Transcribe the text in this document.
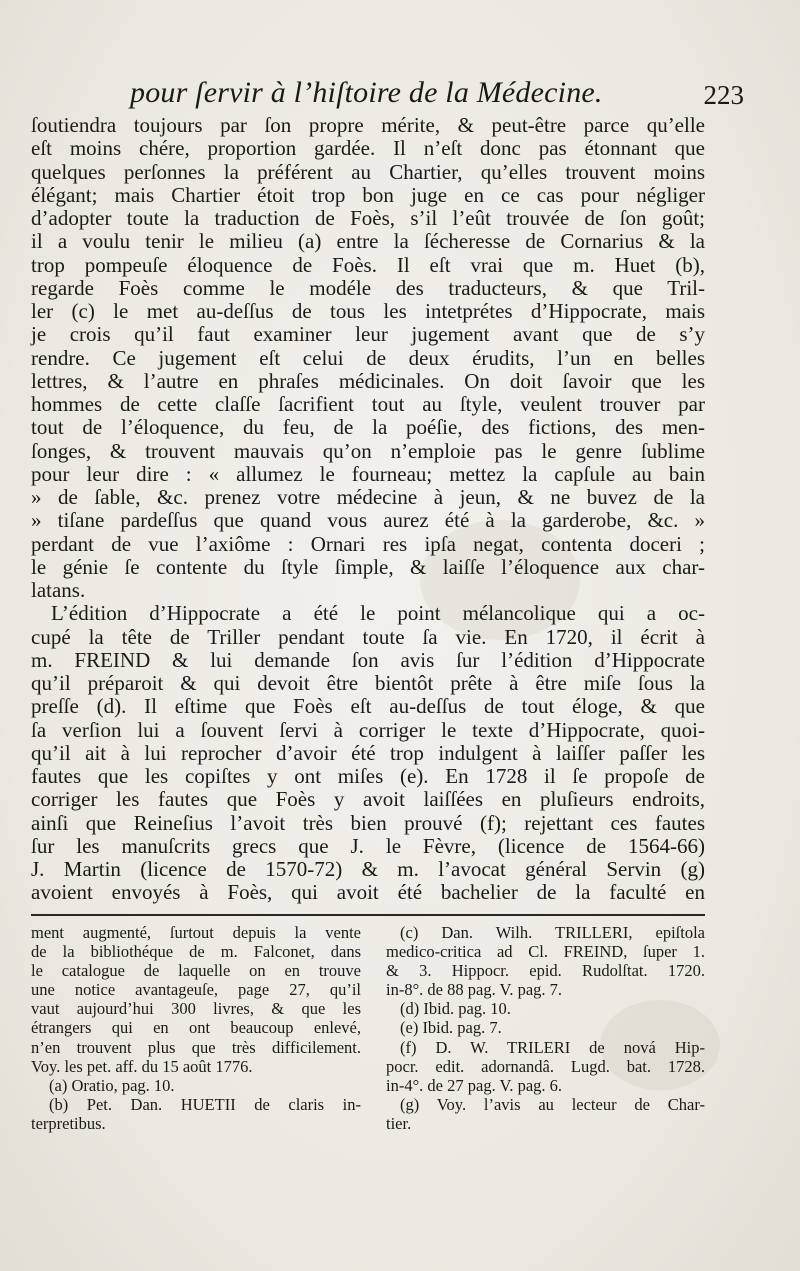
pour ſervir à l’hiſtoire de la Médecine.	223
ſoutiendra toujours par ſon propre mérite, & peut-être parce qu’elle
eſt moins chére, proportion gardée. Il n’eſt donc pas étonnant que
quelques perſonnes la préférent au Chartier, qu’elles trouvent moins
élégant; mais Chartier étoit trop bon juge en ce cas pour négliger
d’adopter toute la traduction de Foès, s’il l’eût trouvée de ſon goût;
il a voulu tenir le milieu (a) entre la ſécheresse de Cornarius & la
trop pompeuſe éloquence de Foès. Il eſt vrai que m. Huet (b),
regarde Foès comme le modéle des traducteurs, & que Tril-
ler (c) le met au-deſſus de tous les intetprétes d’Hippocrate, mais
je crois qu’il faut examiner leur jugement avant que de s’y
rendre. Ce jugement eſt celui de deux érudits, l’un en belles
lettres, & l’autre en phraſes médicinales. On doit ſavoir que les
hommes de cette claſſe ſacrifient tout au ſtyle, veulent trouver par
tout de l’éloquence, du feu, de la poéſie, des fictions, des men-
ſonges, & trouvent mauvais qu’on n’emploie pas le genre ſublime
pour leur dire : « allumez le fourneau; mettez la capſule au bain
» de ſable, &c. prenez votre médecine à jeun, & ne buvez de la
» tiſane pardeſſus que quand vous aurez été à la garderobe, &c. »
perdant de vue l’axiôme : Ornari res ipſa negat, contenta doceri ;
le génie ſe contente du ſtyle ſimple, & laiſſe l’éloquence aux char-
latans.
L’édition d’Hippocrate a été le point mélancolique qui a oc-
cupé la tête de Triller pendant toute ſa vie. En 1720, il écrit à
m. FREIND & lui demande ſon avis ſur l’édition d’Hippocrate
qu’il préparoit & qui devoit être bientôt prête à être miſe ſous la
preſſe (d). Il eſtime que Foès eſt au-deſſus de tout éloge, & que
ſa verſion lui a ſouvent ſervi à corriger le texte d’Hippocrate, quoi-
qu’il ait à lui reprocher d’avoir été trop indulgent à laiſſer paſſer les
fautes que les copiſtes y ont miſes (e). En 1728 il ſe propoſe de
corriger les fautes que Foès y avoit laiſſées en pluſieurs endroits,
ainſi que Reineſius l’avoit très bien prouvé (f); rejettant ces fautes
ſur les manuſcrits grecs que J. le Fèvre, (licence de 1564-66)
J. Martin (licence de 1570-72) & m. l’avocat général Servin (g)
avoient envoyés à Foès, qui avoit été bachelier de la faculté en
ment augmenté, ſurtout depuis la vente
de la bibliothéque de m. Falconet, dans
le catalogue de laquelle on en trouve
une notice avantageuſe, page 27, qu’il
vaut aujourd’hui 300 livres, & que les
étrangers qui en ont beaucoup enlevé,
n’en trouvent plus que très difficilement.
Voy. les pet. aff. du 15 août 1776.
(a) Oratio, pag. 10.
(b) Pet. Dan. HUETII de claris in-
terpretibus.
(c) Dan. Wilh. TRILLERI, epiſtola
medico-critica ad Cl. FREIND, ſuper 1.
& 3. Hippocr. epid. Rudolſtat. 1720.
in-8°. de 88 pag. V. pag. 7.
(d) Ibid. pag. 10.
(e) Ibid. pag. 7.
(f) D. W. TRILERI de nová Hip-
pocr. edit. adornandâ. Lugd. bat. 1728.
in-4°. de 27 pag. V. pag. 6.
(g) Voy. l’avis au lecteur de Char-
tier.
